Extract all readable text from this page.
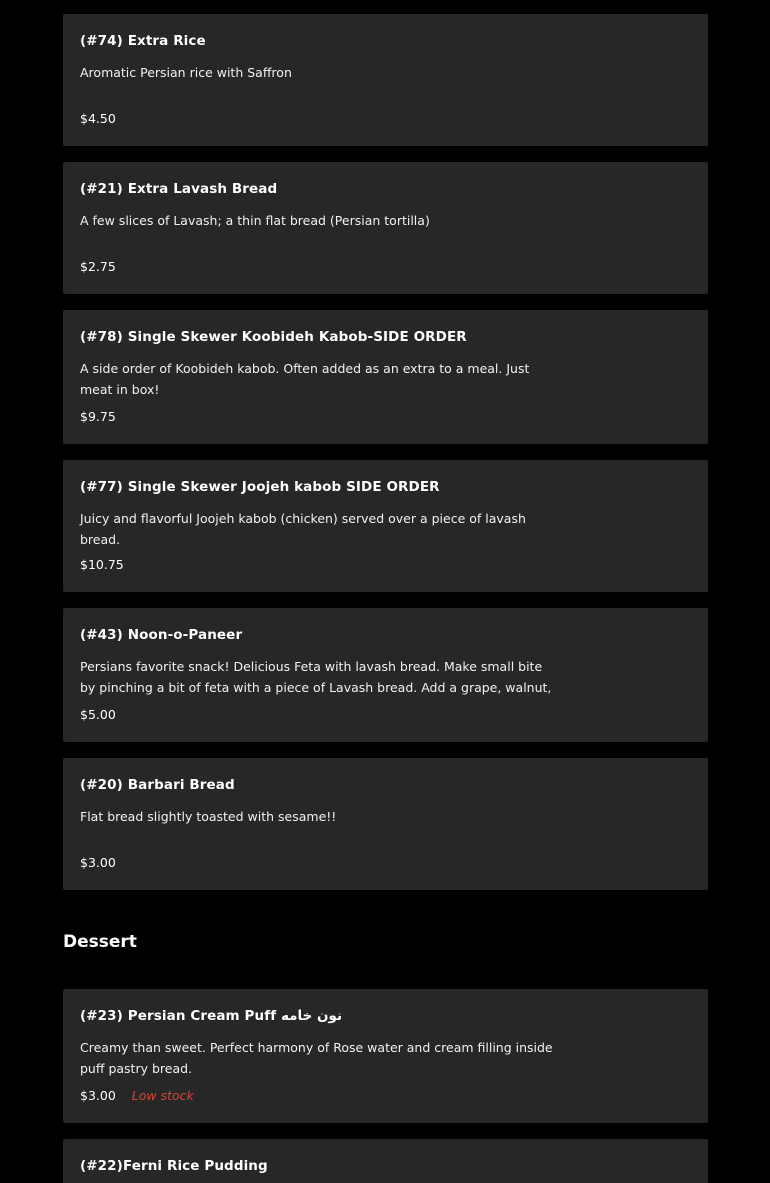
(#74) Extra Rice
Aromatic Persian rice with Saffron
$4.50
(#21) Extra Lavash Bread
A few slices of Lavash; a thin flat bread (Persian tortilla)
$2.75
(#78) Single Skewer Koobideh Kabob-SIDE ORDER
A side order of Koobideh kabob. Often added as an extra to a meal. Just meat in box!
$9.75
(#77) Single Skewer Joojeh kabob SIDE ORDER
Juicy and flavorful Joojeh kabob (chicken) served over a piece of lavash bread.
$10.75
(#43) Noon-o-Paneer
Persians favorite snack! Delicious Feta with lavash bread. Make small bite by pinching a bit of feta with a piece of Lavash bread. Add a grape, walnut,
$5.00
(#20) Barbari Bread
Flat bread slightly toasted with sesame!!
$3.00
Dessert
(#23) Persian Cream Puff نون خامه
Creamy than sweet. Perfect harmony of Rose water and cream filling inside puff pastry bread.
$3.00 Low stock
(#22)Ferni Rice Pudding
